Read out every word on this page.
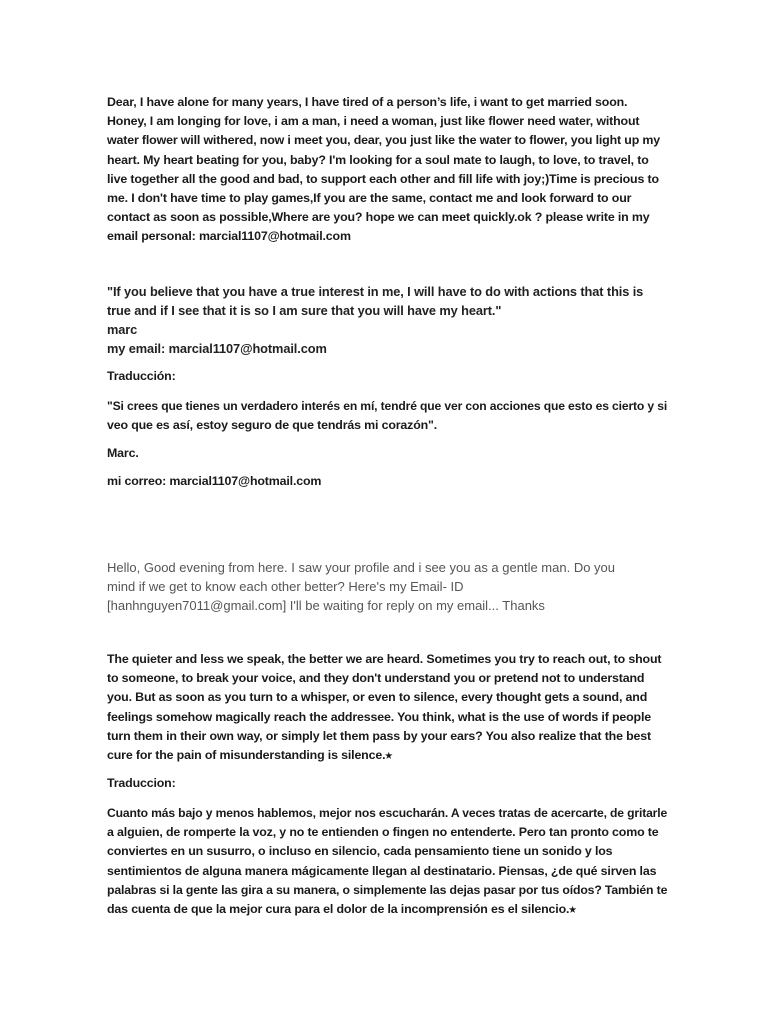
Dear, I have alone for many years, I have tired of a person’s life, i want to get married soon.
Honey, I am longing for love, i am a man, i need a woman, just like flower need water, without
water flower will withered, now i meet you, dear, you just like the water to flower, you light up my
heart. My heart beating for you, baby? I'm looking for a soul mate to laugh, to love, to travel, to
live together all the good and bad, to support each other and fill life with joy;)Time is precious to
me. I don't have time to play games,If you are the same, contact me and look forward to our
contact as soon as possible,Where are you? hope we can meet quickly.ok ? please write in my
email personal: marcial1107@hotmail.com
"If you believe that you have a true interest in me, I will have to do with actions that this is
true and if I see that it is so I am sure that you will have my heart."
marc
my email: marcial1107@hotmail.com
Traducción:
"Si crees que tienes un verdadero interés en mí, tendré que ver con acciones que esto es cierto y si
veo que es así, estoy seguro de que tendrás mi corazón".
Marc.
mi correo: marcial1107@hotmail.com
Hello, Good evening from here. I saw your profile and i see you as a gentle man. Do you
mind if we get to know each other better? Here's my Email- ID
[hanhnguyen7011@gmail.com] I'll be waiting for reply on my email... Thanks
The quieter and less we speak, the better we are heard. Sometimes you try to reach out, to shout
to someone, to break your voice, and they don't understand you or pretend not to understand
you. But as soon as you turn to a whisper, or even to silence, every thought gets a sound, and
feelings somehow magically reach the addressee. You think, what is the use of words if people
turn them in their own way, or simply let them pass by your ears? You also realize that the best
cure for the pain of misunderstanding is silence.⭑
Traduccion:
Cuanto más bajo y menos hablemos, mejor nos escucharán. A veces tratas de acercarte, de gritarle
a alguien, de romperte la voz, y no te entienden o fingen no entenderte. Pero tan pronto como te
conviertes en un susurro, o incluso en silencio, cada pensamiento tiene un sonido y los
sentimientos de alguna manera mágicamente llegan al destinatario. Piensas, ¿de qué sirven las
palabras si la gente las gira a su manera, o simplemente las dejas pasar por tus oídos? También te
das cuenta de que la mejor cura para el dolor de la incomprensión es el silencio.⭑
